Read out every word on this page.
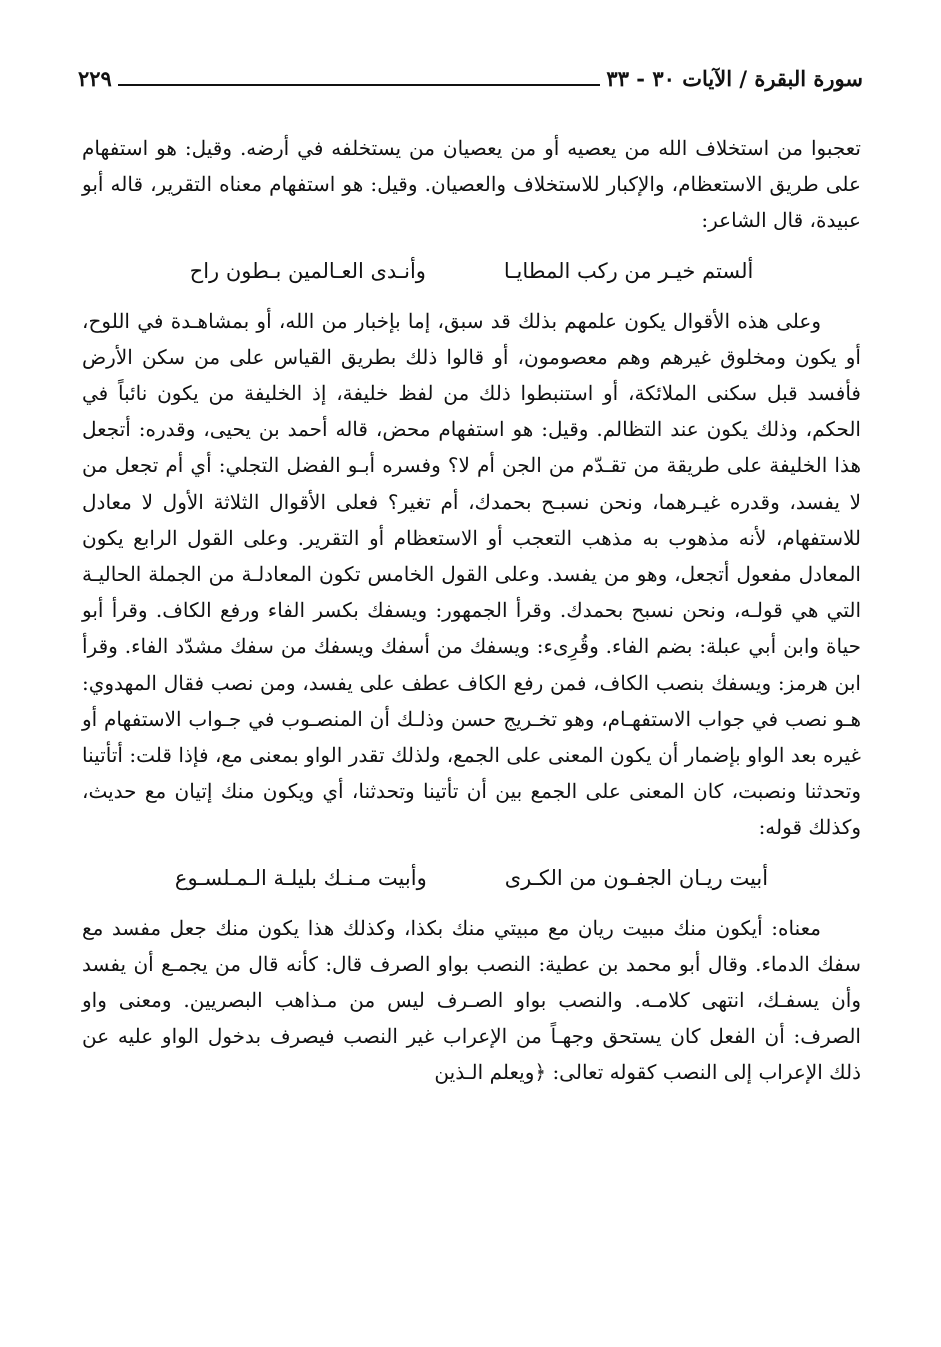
سورة البقرة / الآيات ٣٠ - ٣٣
٢٢٩

تعجبوا من استخلاف الله من يعصيه أو من يعصيان من يستخلفه في أرضه. وقيل: هو استفهام على طريق الاستعظام، والإكبار للاستخلاف والعصيان. وقيل: هو استفهام معناه التقرير، قاله أبو عبيدة، قال الشاعر:

ألستم خيـر من ركب المطايـا
وأنـدى العـالمين بـطون راح

وعلى هذه الأقوال يكون علمهم بذلك قد سبق، إما بإخبار من الله، أو بمشاهـدة في اللوح، أو يكون ومخلوق غيرهم وهم معصومون، أو قالوا ذلك بطريق القياس على من سكن الأرض فأفسد قبل سكنى الملائكة، أو استنبطوا ذلك من لفظ خليفة، إذ الخليفة من يكون نائباً في الحكم، وذلك يكون عند التظالم. وقيل: هو استفهام محض، قاله أحمد بن يحيى، وقدره: أتجعل هذا الخليفة على طريقة من تقـدّم من الجن أم لا؟ وفسره أبـو الفضل التجلي: أي أم تجعل من لا يفسد، وقدره غيـرهما، ونحن نسبـح بحمدك، أم تغير؟ فعلى الأقوال الثلاثة الأول لا معادل للاستفهام، لأنه مذهوب به مذهب التعجب أو الاستعظام أو التقرير. وعلى القول الرابع يكون المعادل مفعول أتجعل، وهو من يفسد. وعلى القول الخامس تكون المعادلـة من الجملة الحاليـة التي هي قولـه، ونحن نسبح بحمدك. وقرأ الجمهور: ويسفك بكسر الفاء ورفع الكاف. وقرأ أبو حياة وابن أبي عبلة: بضم الفاء. وقُرِىء: ويسفك من أسفك ويسفك من سفك مشدّد الفاء. وقرأ ابن هرمز: ويسفك بنصب الكاف، فمن رفع الكاف عطف على يفسد، ومن نصب فقال المهدوي: هـو نصب في جواب الاستفهـام، وهو تخـريج حسن وذلـك أن المنصـوب في جـواب الاستفهام أو غيره بعد الواو بإضمار أن يكون المعنى على الجمع، ولذلك تقدر الواو بمعنى مع، فإذا قلت: أتأتينا وتحدثنا ونصبت، كان المعنى على الجمع بين أن تأتينا وتحدثنا، أي ويكون منك إتيان مع حديث، وكذلك قوله:

أبيت ريـان الجفـون من الكـرى
وأبيت مـنـك بليلـة الـمـلسـوع

معناه: أيكون منك مبيت ريان مع مبيتي منك بكذا، وكذلك هذا يكون منك جعل مفسد مع سفك الدماء. وقال أبو محمد بن عطية: النصب بواو الصرف قال: كأنه قال من يجمـع أن يفسد وأن يسفـك، انتهى كلامـه. والنصب بواو الصـرف ليس من مـذاهب البصريين. ومعنى واو الصرف: أن الفعل كان يستحق وجهـاً من الإعراب غير النصب فيصرف بدخول الواو عليه عن ذلك الإعراب إلى النصب كقوله تعالى: ﴿ويعلم الـذين
